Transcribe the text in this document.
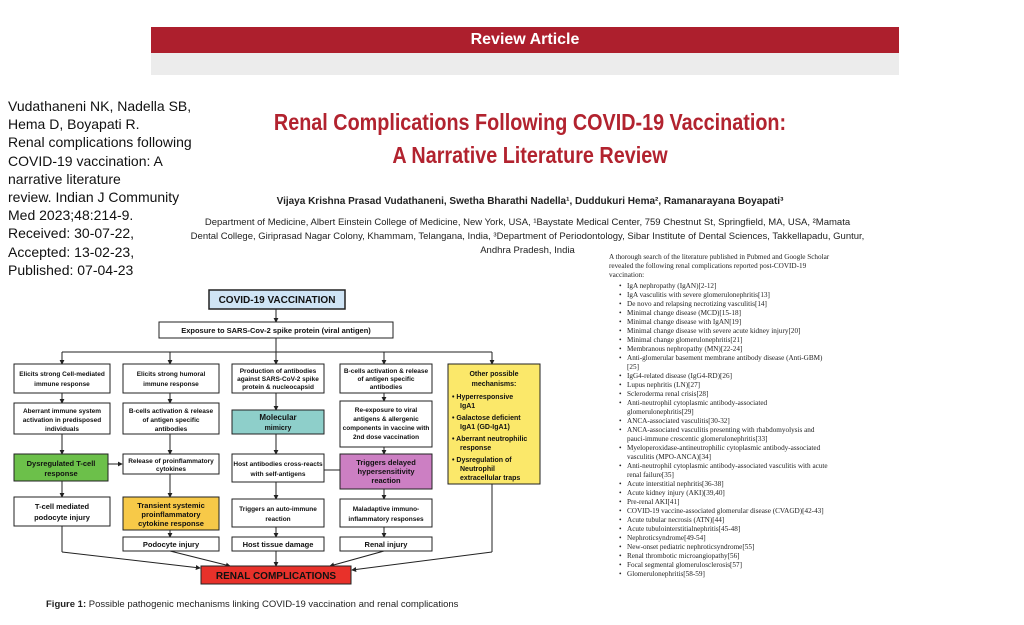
Review Article
Vudathaneni NK, Nadella SB,
Hema D, Boyapati R.
Renal complications following
COVID-19 vaccination: A
narrative literature
review. Indian J Community
Med 2023;48:214-9.
Received: 30-07-22,
Accepted: 13-02-23,
Published: 07-04-23
Renal Complications Following COVID-19 Vaccination:
A Narrative Literature Review
Vijaya Krishna Prasad Vudathaneni, Swetha Bharathi Nadella¹, Duddukuri Hema², Ramanarayana Boyapati³
Department of Medicine, Albert Einstein College of Medicine, New York, USA, ¹Baystate Medical Center, 759 Chestnut St, Springfield, MA, USA, ²Mamata
Dental College, Giriprasad Nagar Colony, Khammam, Telangana, India, ³Department of Periodontology, Sibar Institute of Dental Sciences, Takkellapadu, Guntur,
Andhra Pradesh, India
A thorough search of the literature published in Pubmed and Google Scholar revealed the following renal complications reported post-COVID-19 vaccination:
• IgA nephropathy (IgAN)[2-12]
• IgA vasculitis with severe glomerulonephritis[13]
• De novo and relapsing necrotizing vasculitis[14]
• Minimal change disease (MCD)[15-18]
• Minimal change disease with IgAN[19]
• Minimal change disease with severe acute kidney injury[20]
• Minimal change glomerulonephritis[21]
• Membranous nephropathy (MN)[22-24]
• Anti-glomerular basement membrane antibody disease (Anti-GBM)[25]
• IgG4-related disease (IgG4-RD)[26]
• Lupus nephritis (LN)[27]
• Scleroderma renal crisis[28]
• Anti-neutrophil cytoplasmic antibody-associated glomerulonephritis[29]
• ANCA-associated vasculitis[30-32]
• ANCA-associated vasculitis presenting with rhabdomyolysis and pauci-immune crescentic glomerulonephritis[33]
• Myeloperoxidase-antineutrophilic cytoplasmic antibody-associated vasculitis (MPO-ANCA)[34]
• Anti-neutrophil cytoplasmic antibody-associated vasculitis with acute renal failure[35]
• Acute interstitial nephritis[36-38]
• Acute kidney injury (AKI)[39,40]
• Pre-renal AKI[41]
• COVID-19 vaccine-associated glomerular disease (CVAGD)[42-43]
• Acute tubular necrosis (ATN)[44]
• Acute tubulointerstitialnephritis[45-48]
• Nephroticsyndrome[49-54]
• New-onset pediatric nephroticsyndrome[55]
• Renal thrombotic microangiopathy[56]
• Focal segmental glomerulosclerosis[57]
• Glomerulonephritis[58-59]
COVID-19 VACCINATION
Exposure to SARS-Cov-2 spike protein (viral antigen)
Elicits strong Cell-mediated
immune response
Aberrant immune system
activation in predisposed
individuals
Dysregulated T-cell
response
T-cell mediated
podocyte injury
Elicits strong humoral
immune response
B-cells activation & release
of antigen specific
antibodies
Release of proinflammatory
cytokines
Transient systemic
proinflammatory
cytokine response
Podocyte injury
Production of antibodies
against SARS-CoV-2 spike
protein & nucleocapsid
Molecular
mimicry
Host antibodies cross-reacts
with self-antigens
Triggers an auto-immune
reaction
Host tissue damage
B-cells activation & release
of antigen specific
antibodies
Re-exposure to viral
antigens & allergenic
components in vaccine with
2nd dose vaccination
Triggers delayed
hypersensitivity
reaction
Maladaptive immuno-
inflammatory responses
Renal injury
Other possible
mechanisms:
• Hyperresponsive
IgA1
• Galactose deficient
IgA1 (GD-IgA1)
• Aberrant neutrophilic
response
• Dysregulation of
Neutrophil
extracellular traps
RENAL COMPLICATIONS
Figure 1: Possible pathogenic mechanisms linking COVID-19 vaccination and renal complications
